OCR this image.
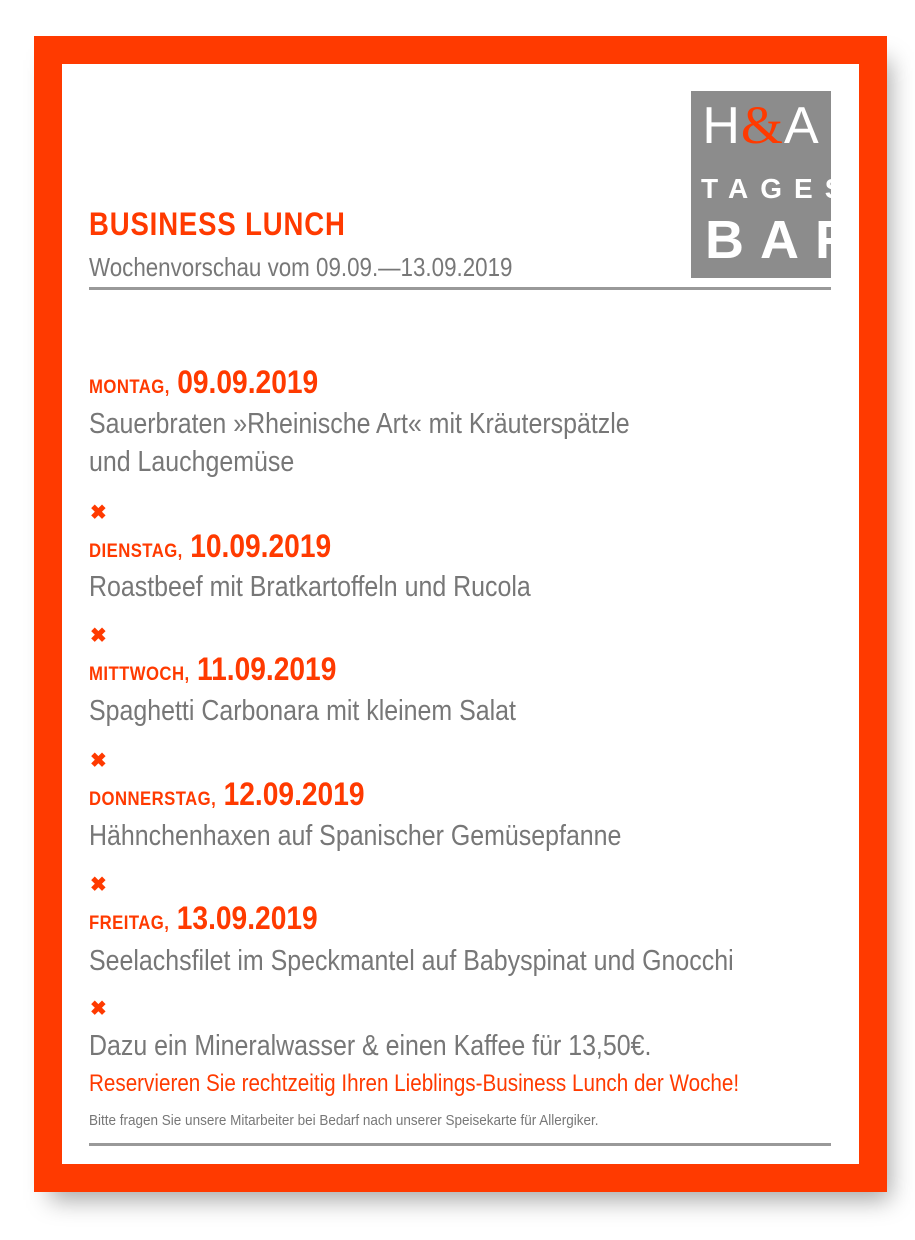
H&A
TAGES
BAR
BUSINESS LUNCH
Wochenvorschau vom 09.09.—13.09.2019
MONTAG, 09.09.2019
Sauerbraten »Rheinische Art« mit Kräuterspätzle
und Lauchgemüse
✖
DIENSTAG, 10.09.2019
Roastbeef mit Bratkartoffeln und Rucola
✖
MITTWOCH, 11.09.2019
Spaghetti Carbonara mit kleinem Salat
✖
DONNERSTAG, 12.09.2019
Hähnchenhaxen auf Spanischer Gemüsepfanne
✖
FREITAG, 13.09.2019
Seelachsfilet im Speckmantel auf Babyspinat und Gnocchi
✖
Dazu ein Mineralwasser & einen Kaffee für 13,50€.
Reservieren Sie rechtzeitig Ihren Lieblings-Business Lunch der Woche!
Bitte fragen Sie unsere Mitarbeiter bei Bedarf nach unserer Speisekarte für Allergiker.
